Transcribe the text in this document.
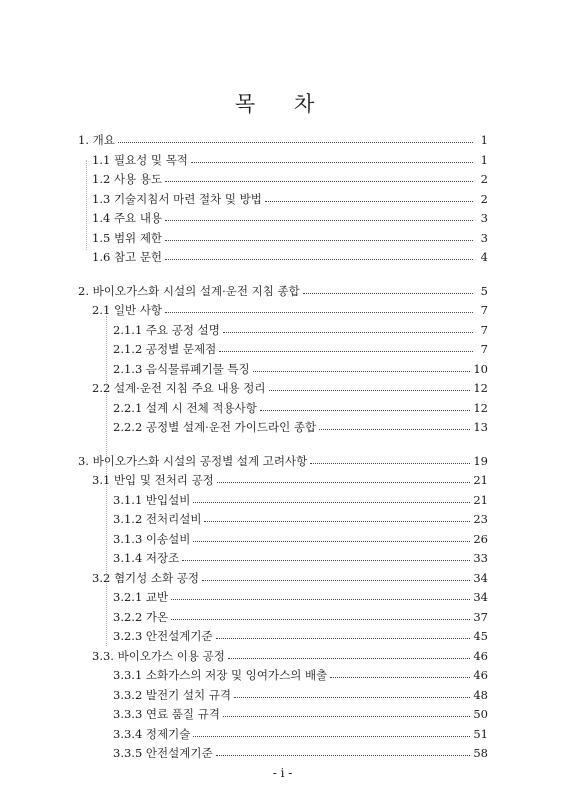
목 차
1. 개요	1
1.1 필요성 및 목적	1
1.2 사용 용도	2
1.3 기술지침서 마련 절차 및 방법	2
1.4 주요 내용	3
1.5 범위 제한	3
1.6 참고 문헌	4
2. 바이오가스화 시설의 설계·운전 지침 종합	5
2.1 일반 사항	7
2.1.1 주요 공정 설명	7
2.1.2 공정별 문제점	7
2.1.3 음식물류폐기물 특징	10
2.2 설계·운전 지침 주요 내용 정리	12
2.2.1 설계 시 전체 적용사항	12
2.2.2 공정별 설계·운전 가이드라인 종합	13
3. 바이오가스화 시설의 공정별 설계 고려사항	19
3.1 반입 및 전처리 공정	21
3.1.1 반입설비	21
3.1.2 전처리설비	23
3.1.3 이송설비	26
3.1.4 저장조	33
3.2 혐기성 소화 공정	34
3.2.1 교반	34
3.2.2 가온	37
3.2.3 안전설계기준	45
3.3. 바이오가스 이용 공정	46
3.3.1 소화가스의 저장 및 잉여가스의 배출	46
3.3.2 발전기 설치 규격	48
3.3.3 연료 품질 규격	50
3.3.4 정제기술	51
3.3.5 안전설계기준	58
- i -
